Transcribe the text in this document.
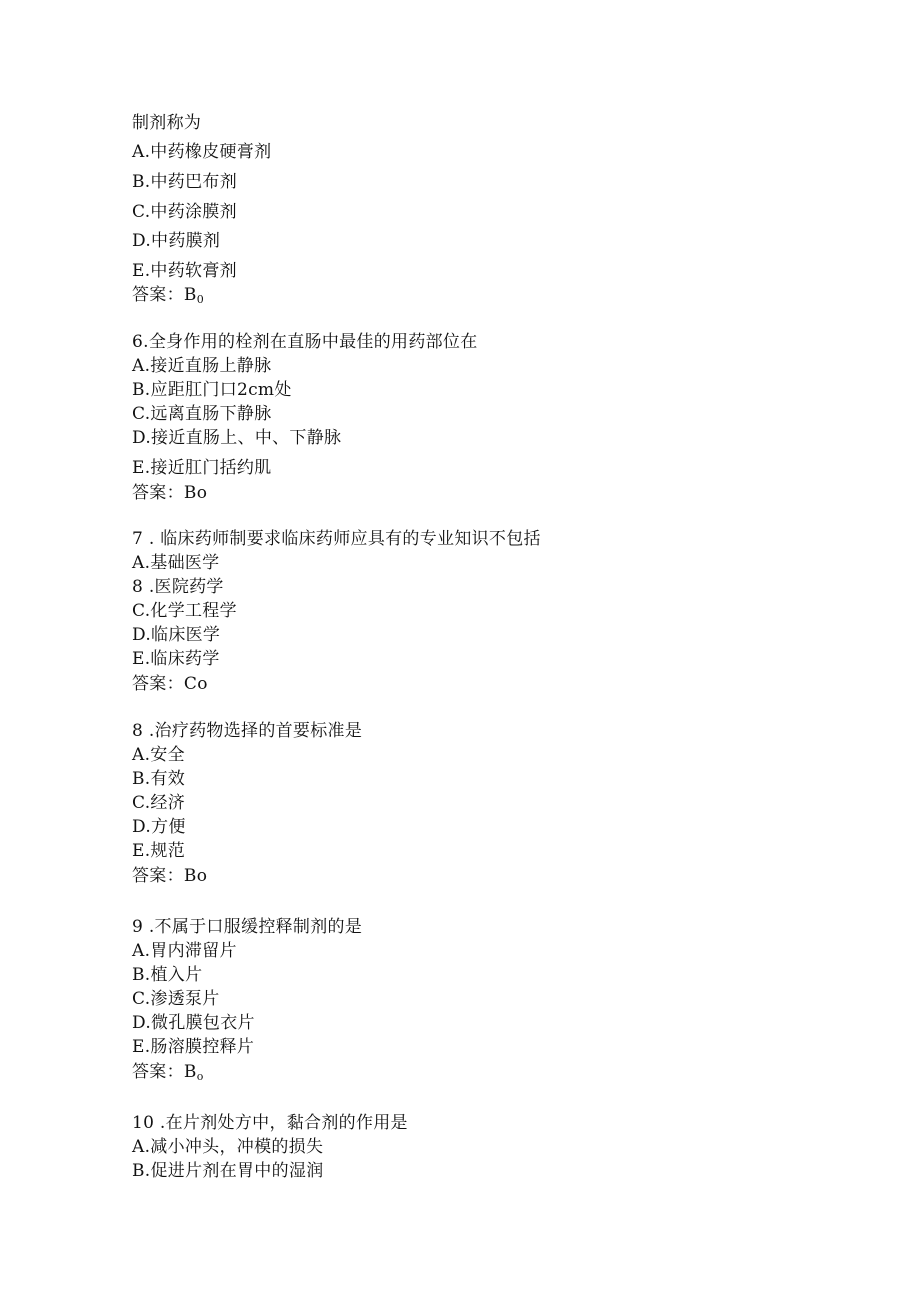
制剂称为
A.中药橡皮硬膏剂
B.中药巴布剂
C.中药涂膜剂
D.中药膜剂
E.中药软膏剂
答案：$B_0$
6.全身作用的栓剂在直肠中最佳的用药部位在
A.接近直肠上静脉
B.应距肛门口2cm处
C.远离直肠下静脉
D.接近直肠上、中、下静脉
E.接近肛门括约肌
答案：Bo
7 . 临床药师制要求临床药师应具有的专业知识不包括
A.基础医学
8 .医院药学
C.化学工程学
D.临床医学
E.临床药学
答案：Co
8 .治疗药物选择的首要标准是
A.安全
B.有效
C.经济
D.方便
E.规范
答案：Bo
9 .不属于口服缓控释制剂的是
A.胃内滞留片
B.植入片
C.渗透泵片
D.微孔膜包衣片
E.肠溶膜控释片
答案：$B_o$
10 .在片剂处方中，黏合剂的作用是
A.减小冲头，冲模的损失
B.促进片剂在胃中的湿润
